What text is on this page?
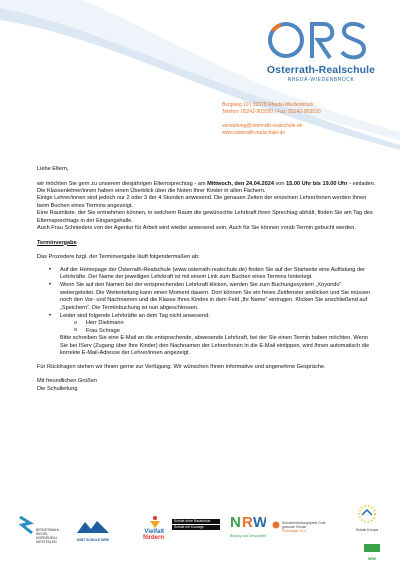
Osterrath-Realschule
RHEDA-WIEDENBRÜCK
Burgweg 19 | 33378 Rheda-Wiedenbrück
Telefon: 05242-903550 | Fax: 05242-903520
verwaltung@osterrath-realschule.de
www.osterrath-realschule.de

Liebe Eltern,

wir möchten Sie gern zu unserem diesjährigen Elternsprechtag - am Mittwoch, den 24.04.2024 von 15.00 Uhr bis 19.00 Uhr - einladen.

Die Klassenlehrer/innen haben einen Überblick über die Noten Ihrer Kinder in allen Fächern.

Einige Lehrer/innen sind jedoch nur 2 oder 3 der 4 Stunden anwesend. Die genauen Zeiten der einzelnen Lehrer/innen werden Ihnen beim Buchen eines Termins angezeigt.

Eine Raumliste, der Sie entnehmen können, in welchem Raum die gewünschte Lehrkraft ihren Sprechtag abhält, finden Sie am Tag des Elternsprechtags in der Eingangshalle.

Auch Frau Schnieders von der Agentur für Arbeit wird wieder anwesend sein. Auch für Sie können vorab Termin gebucht werden.

Terminvergabe

Das Prozedere bzgl. der Terminvergabe läuft folgendermaßen ab:

• Auf der Homepage der Osterrath-Realschule (www.osterrath-realschule.de) finden Sie auf der Startseite eine Auflistung der Lehrkräfte. Der Name der jeweiligen Lehrkraft ist mit einem Link zum Buchen eines Termins hinterlegt.
• Wenn Sie auf den Namen bei der entsprechenden Lehrkraft klicken, werden Sie zum Buchungssystem „Xoyondo“ weitergeleitet. Die Weiterleitung kann einen Moment dauern. Dort können Sie ein freies Zeitfenster anklicken und Sie müssen noch den Vor- und Nachnamen und die Klasse Ihres Kindes in dem Feld „Ihr Name“ eintragen. Klicken Sie anschließend auf „Speichern“. Die Terminbuchung ist nun abgeschlossen.
• Leider sind folgende Lehrkräfte an dem Tag nicht anwesend:
o Herr Diekmann
o Frau Schrage
Bitte schreiben Sie eine E-Mail an die entsprechende, abwesende Lehrkraft, bei der Sie einen Termin haben möchten. Wenn Sie bei IServ (Zugang über Ihre Kinder) den Nachnamen der Lehrer/innen in die E-Mail eintippen, wird Ihnen automatisch die korrekte E-Mail-Adresse der Lehrer/innen angezeigt.

Für Rückfragen stehen wir Ihnen gerne zur Verfügung. Wir wünschen Ihnen informative und angenehme Gespräche.

Mit freundlichen Grüßen
Die Schulleitung

BERUFSWAHL SIEGEL NORDRHEIN-WESTFALEN	MINT SCHULE NRW
Vielfalt
fördern
Schule ohne Rassismus
Schule mit Courage	N R W
Bildung und Gesundheit
Schulentwicklungspreis Gute gesunde Schule
Preisträger 2017	Schule Europa
NRW
